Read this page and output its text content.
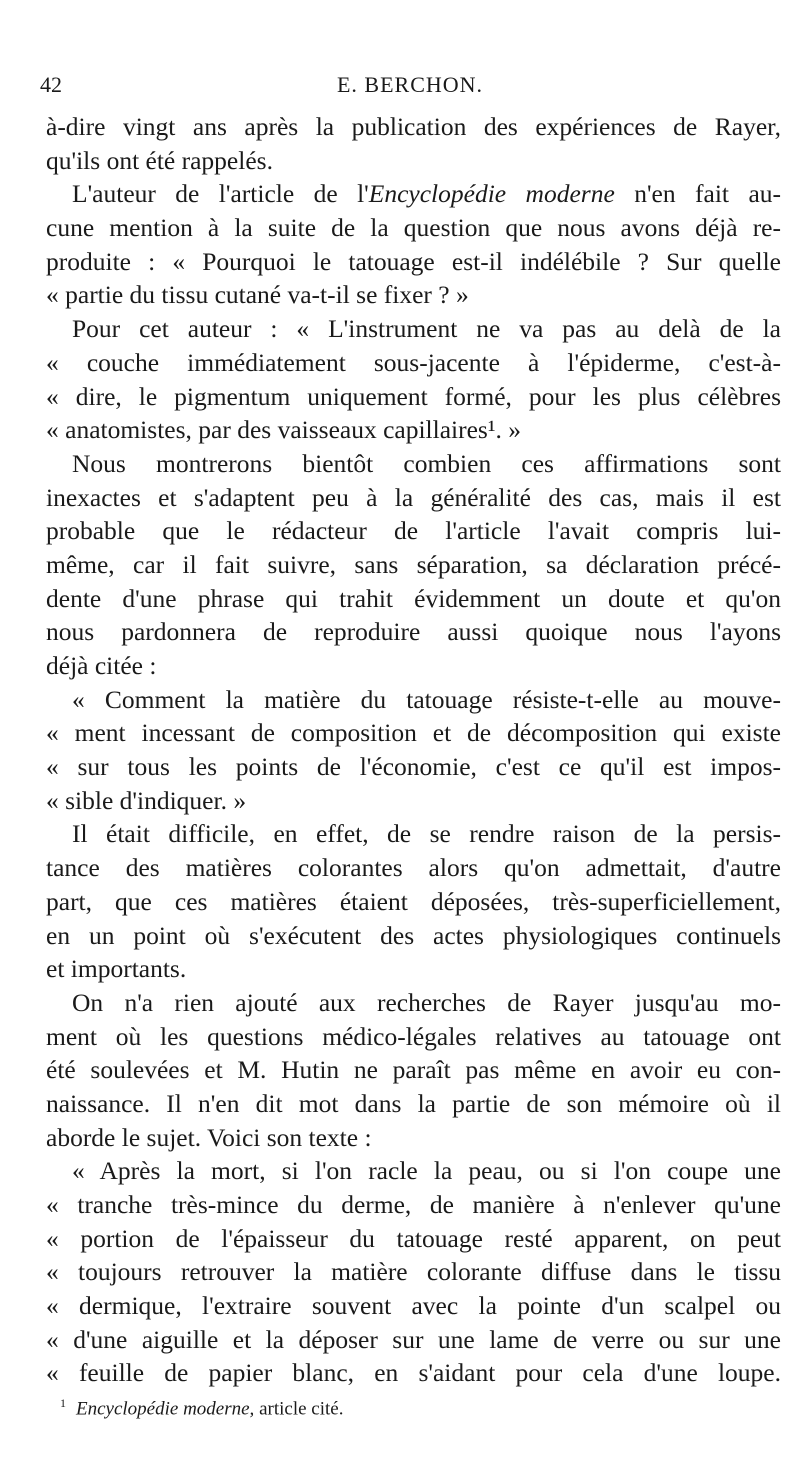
42	E. BERCHON.
à-dire vingt ans après la publication des expériences de Rayer,
qu'ils ont été rappelés.
L'auteur de l'article de l'Encyclopédie moderne n'en fait au-
cune mention à la suite de la question que nous avons déjà re-
produite : « Pourquoi le tatouage est-il indélébile ? Sur quelle
« partie du tissu cutané va-t-il se fixer ? »
Pour cet auteur : « L'instrument ne va pas au delà de la
« couche immédiatement sous-jacente à l'épiderme, c'est-à-
« dire, le pigmentum uniquement formé, pour les plus célèbres
« anatomistes, par des vaisseaux capillaires¹. »
Nous montrerons bientôt combien ces affirmations sont
inexactes et s'adaptent peu à la généralité des cas, mais il est
probable que le rédacteur de l'article l'avait compris lui-
même, car il fait suivre, sans séparation, sa déclaration précé-
dente d'une phrase qui trahit évidemment un doute et qu'on
nous pardonnera de reproduire aussi quoique nous l'ayons
déjà citée :
« Comment la matière du tatouage résiste-t-elle au mouve-
« ment incessant de composition et de décomposition qui existe
« sur tous les points de l'économie, c'est ce qu'il est impos-
« sible d'indiquer. »
Il était difficile, en effet, de se rendre raison de la persis-
tance des matières colorantes alors qu'on admettait, d'autre
part, que ces matières étaient déposées, très-superficiellement,
en un point où s'exécutent des actes physiologiques continuels
et importants.
On n'a rien ajouté aux recherches de Rayer jusqu'au mo-
ment où les questions médico-légales relatives au tatouage ont
été soulevées et M. Hutin ne paraît pas même en avoir eu con-
naissance. Il n'en dit mot dans la partie de son mémoire où il
aborde le sujet. Voici son texte :
« Après la mort, si l'on racle la peau, ou si l'on coupe une
« tranche très-mince du derme, de manière à n'enlever qu'une
« portion de l'épaisseur du tatouage resté apparent, on peut
« toujours retrouver la matière colorante diffuse dans le tissu
« dermique, l'extraire souvent avec la pointe d'un scalpel ou
« d'une aiguille et la déposer sur une lame de verre ou sur une
« feuille de papier blanc, en s'aidant pour cela d'une loupe.
$^1$ Encyclopédie moderne, article cité.
